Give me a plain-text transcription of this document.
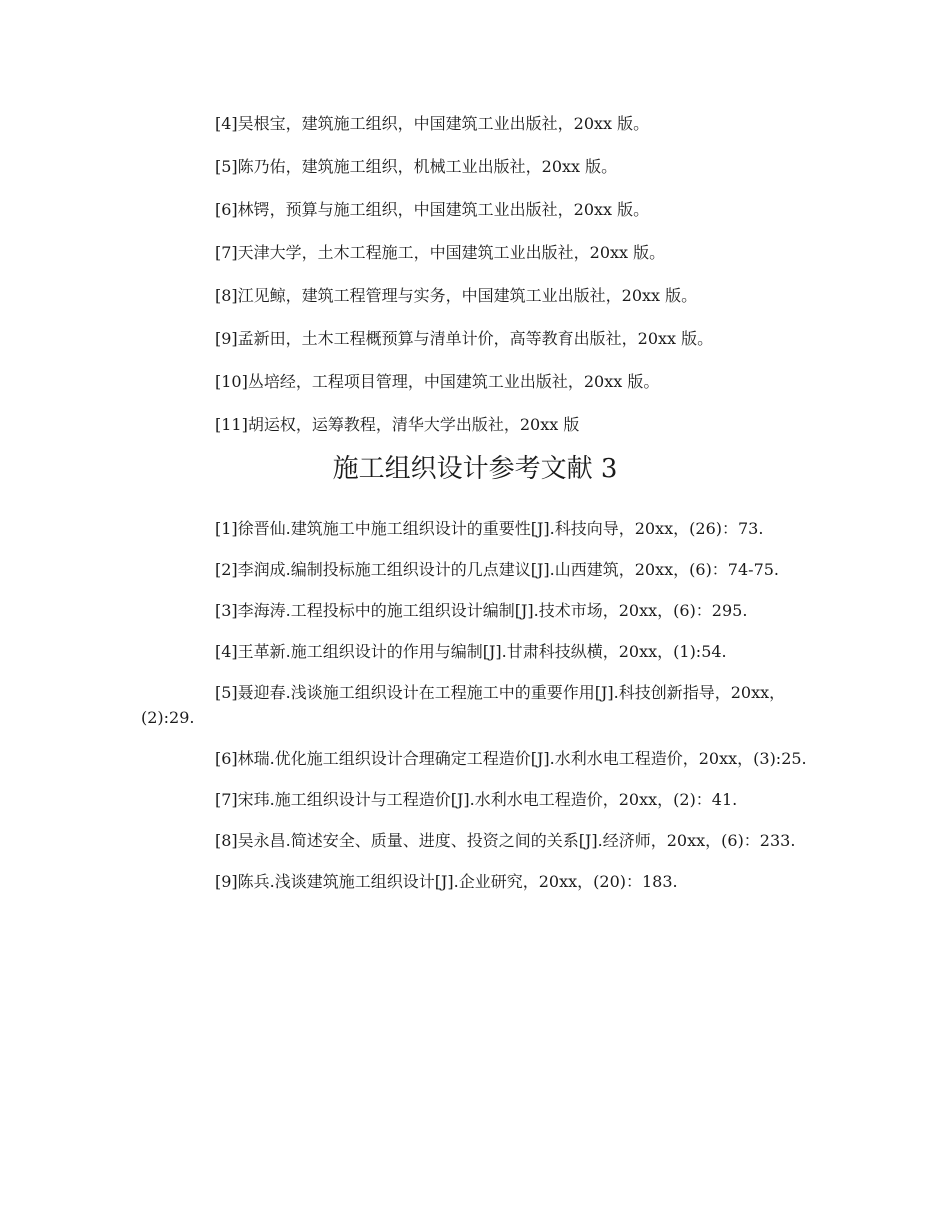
[4]吴根宝，建筑施工组织，中国建筑工业出版社，20xx 版。
[5]陈乃佑，建筑施工组织，机械工业出版社，20xx 版。
[6]林锷，预算与施工组织，中国建筑工业出版社，20xx 版。
[7]天津大学，土木工程施工，中国建筑工业出版社，20xx 版。
[8]江见鲸，建筑工程管理与实务，中国建筑工业出版社，20xx 版。
[9]孟新田，土木工程概预算与清单计价，高等教育出版社，20xx 版。
[10]丛培经，工程项目管理，中国建筑工业出版社，20xx 版。
[11]胡运权，运筹教程，清华大学出版社，20xx 版
施工组织设计参考文献 3
[1]徐晋仙.建筑施工中施工组织设计的重要性[J].科技向导，20xx，(26)：73.
[2]李润成.编制投标施工组织设计的几点建议[J].山西建筑，20xx，(6)：74-75.
[3]李海涛.工程投标中的施工组织设计编制[J].技术市场，20xx，(6)：295.
[4]王革新.施工组织设计的作用与编制[J].甘肃科技纵横，20xx，(1):54.
[5]聂迎春.浅谈施工组织设计在工程施工中的重要作用[J].科技创新指导，20xx，(2):29.
[6]林瑞.优化施工组织设计合理确定工程造价[J].水利水电工程造价，20xx，(3):25.
[7]宋玮.施工组织设计与工程造价[J].水利水电工程造价，20xx，(2)：41.
[8]吴永昌.简述安全、质量、进度、投资之间的关系[J].经济师，20xx，(6)：233.
[9]陈兵.浅谈建筑施工组织设计[J].企业研究，20xx，(20)：183.
